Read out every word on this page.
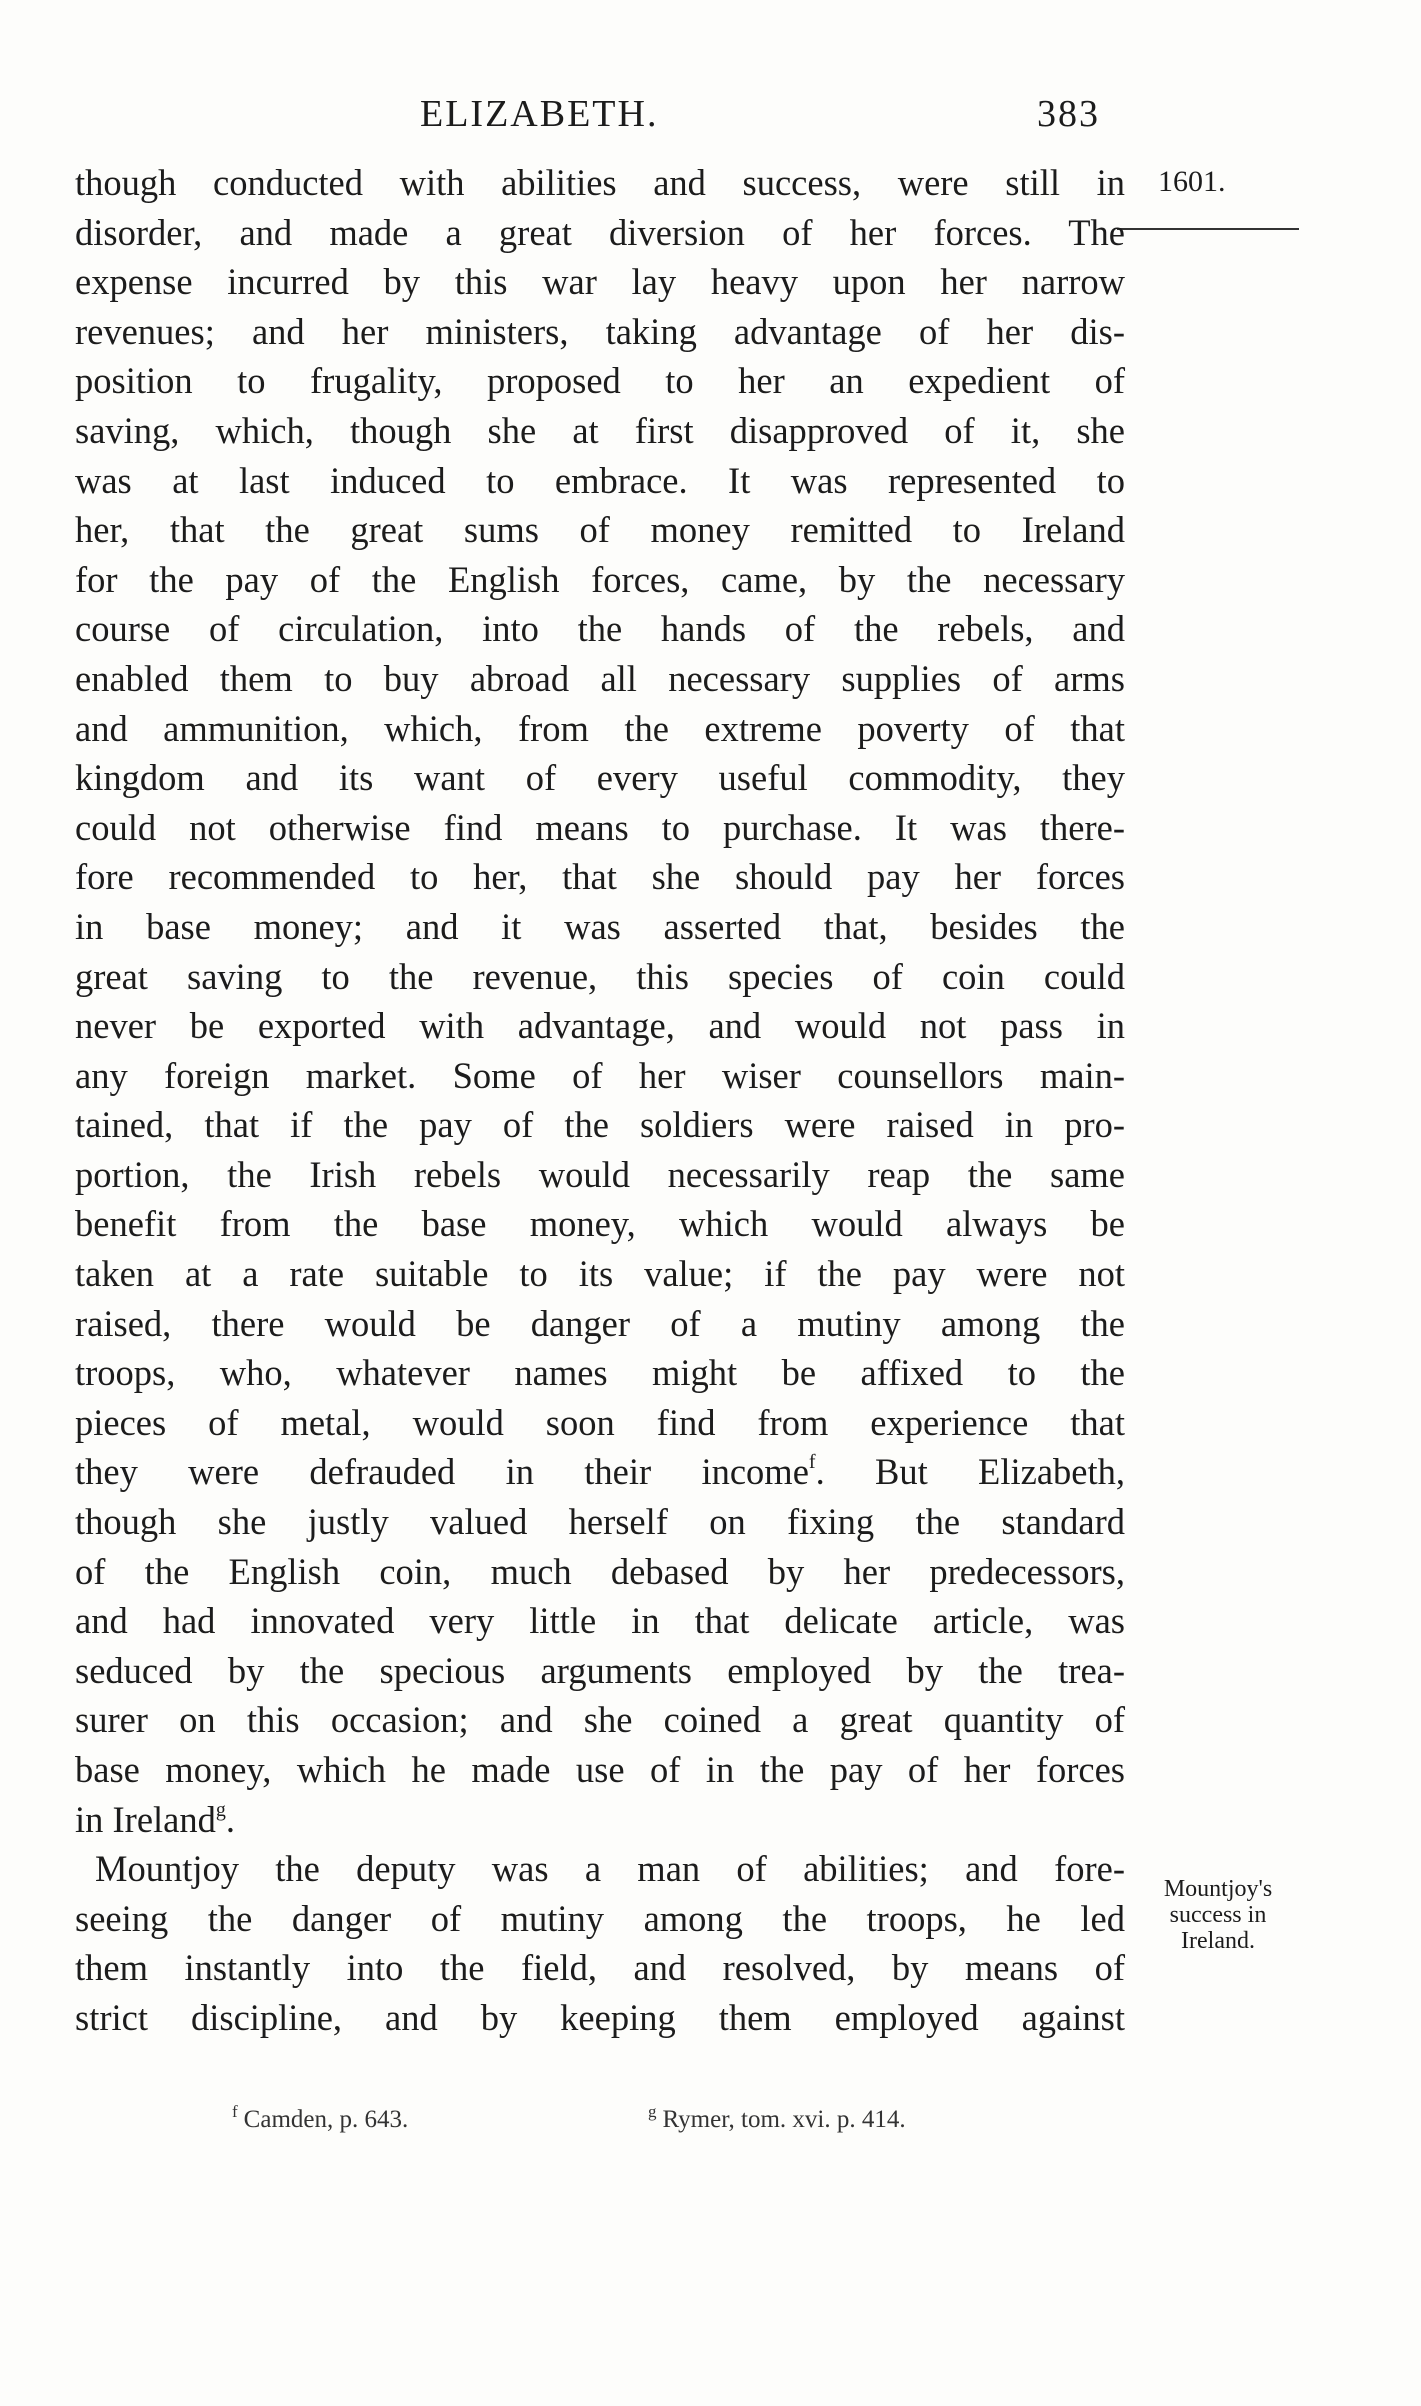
ELIZABETH.	383
1601.
Mountjoy's
success in
Ireland.
though conducted with abilities and success, were still in
disorder, and made a great diversion of her forces. The
expense incurred by this war lay heavy upon her narrow
revenues; and her ministers, taking advantage of her dis-
position to frugality, proposed to her an expedient of
saving, which, though she at first disapproved of it, she
was at last induced to embrace. It was represented to
her, that the great sums of money remitted to Ireland
for the pay of the English forces, came, by the necessary
course of circulation, into the hands of the rebels, and
enabled them to buy abroad all necessary supplies of arms
and ammunition, which, from the extreme poverty of that
kingdom and its want of every useful commodity, they
could not otherwise find means to purchase. It was there-
fore recommended to her, that she should pay her forces
in base money; and it was asserted that, besides the
great saving to the revenue, this species of coin could
never be exported with advantage, and would not pass in
any foreign market. Some of her wiser counsellors main-
tained, that if the pay of the soldiers were raised in pro-
portion, the Irish rebels would necessarily reap the same
benefit from the base money, which would always be
taken at a rate suitable to its value; if the pay were not
raised, there would be danger of a mutiny among the
troops, who, whatever names might be affixed to the
pieces of metal, would soon find from experience that
they were defrauded in their income$^f$. But Elizabeth,
though she justly valued herself on fixing the standard
of the English coin, much debased by her predecessors,
and had innovated very little in that delicate article, was
seduced by the specious arguments employed by the trea-
surer on this occasion; and she coined a great quantity of
base money, which he made use of in the pay of her forces
in Ireland$^g$.
Mountjoy the deputy was a man of abilities; and fore-
seeing the danger of mutiny among the troops, he led
them instantly into the field, and resolved, by means of
strict discipline, and by keeping them employed against
$^f$ Camden, p. 643.	$^g$ Rymer, tom. xvi. p. 414.
